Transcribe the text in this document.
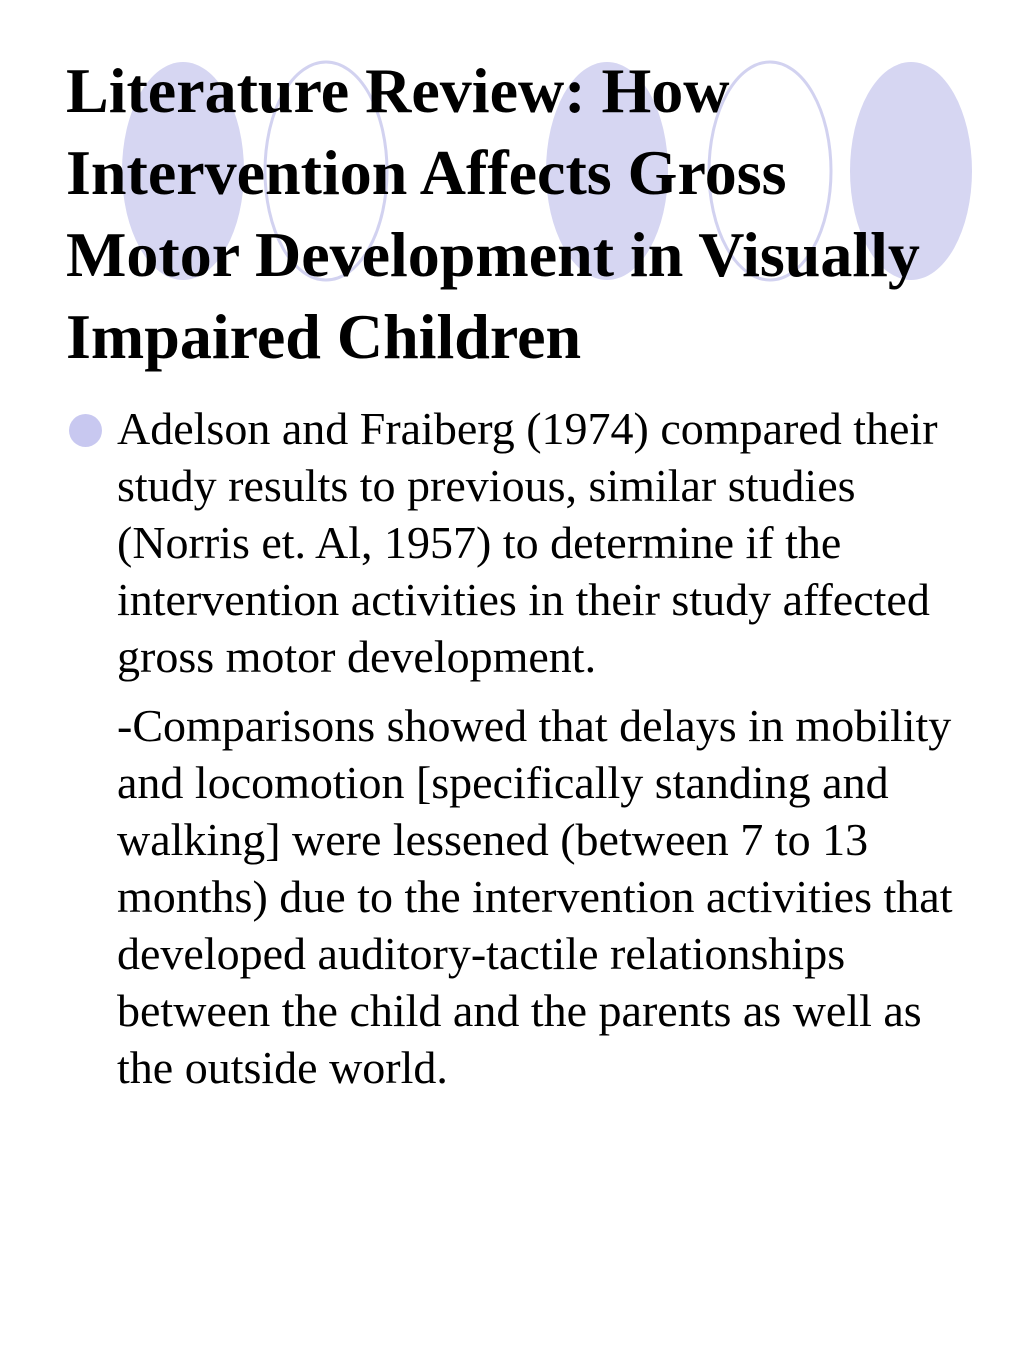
Literature Review: How Intervention Affects Gross Motor Development in Visually Impaired Children

Adelson and Fraiberg (1974) compared their study results to previous, similar studies (Norris et. Al, 1957) to determine if the intervention activities in their study affected gross motor development.

-Comparisons showed that delays in mobility and locomotion [specifically standing and walking] were lessened (between 7 to 13 months) due to the intervention activities that developed auditory-tactile relationships between the child and the parents as well as the outside world.
